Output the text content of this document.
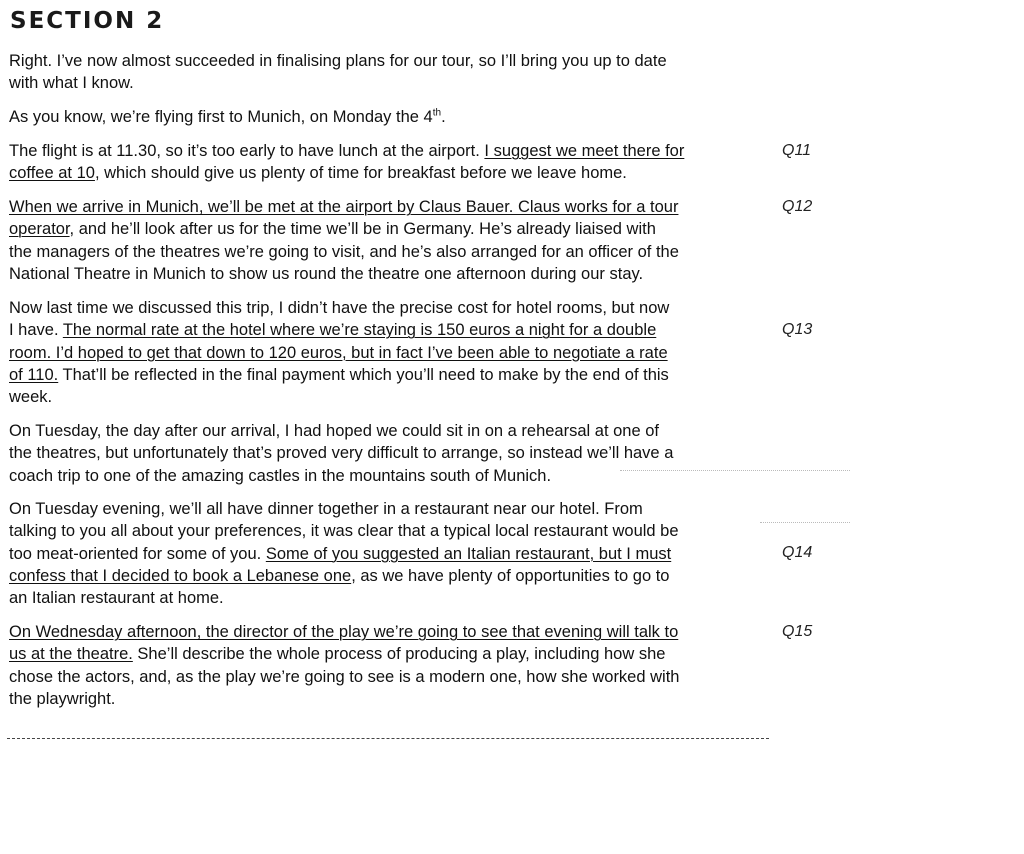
SECTION 2

Right. I’ve now almost succeeded in finalising plans for our tour, so I’ll bring you up to date
with what I know.

As you know, we’re flying first to Munich, on Monday the 4th.

The flight is at 11.30, so it’s too early to have lunch at the airport. I suggest we meet there for
coffee at 10, which should give us plenty of time for breakfast before we leave home.

Q11

When we arrive in Munich, we’ll be met at the airport by Claus Bauer. Claus works for a tour
operator, and he’ll look after us for the time we’ll be in Germany. He’s already liaised with
the managers of the theatres we’re going to visit, and he’s also arranged for an officer of the
National Theatre in Munich to show us round the theatre one afternoon during our stay.

Q12

Now last time we discussed this trip, I didn’t have the precise cost for hotel rooms, but now
I have. The normal rate at the hotel where we’re staying is 150 euros a night for a double
room. I’d hoped to get that down to 120 euros, but in fact I’ve been able to negotiate a rate
of 110. That’ll be reflected in the final payment which you’ll need to make by the end of this
week.

Q13

On Tuesday, the day after our arrival, I had hoped we could sit in on a rehearsal at one of
the theatres, but unfortunately that’s proved very difficult to arrange, so instead we’ll have a
coach trip to one of the amazing castles in the mountains south of Munich.

On Tuesday evening, we’ll all have dinner together in a restaurant near our hotel. From
talking to you all about your preferences, it was clear that a typical local restaurant would be
too meat-oriented for some of you. Some of you suggested an Italian restaurant, but I must
confess that I decided to book a Lebanese one, as we have plenty of opportunities to go to
an Italian restaurant at home.

Q14

On Wednesday afternoon, the director of the play we’re going to see that evening will talk to
us at the theatre. She’ll describe the whole process of producing a play, including how she
chose the actors, and, as the play we’re going to see is a modern one, how she worked with
the playwright.

Q15
